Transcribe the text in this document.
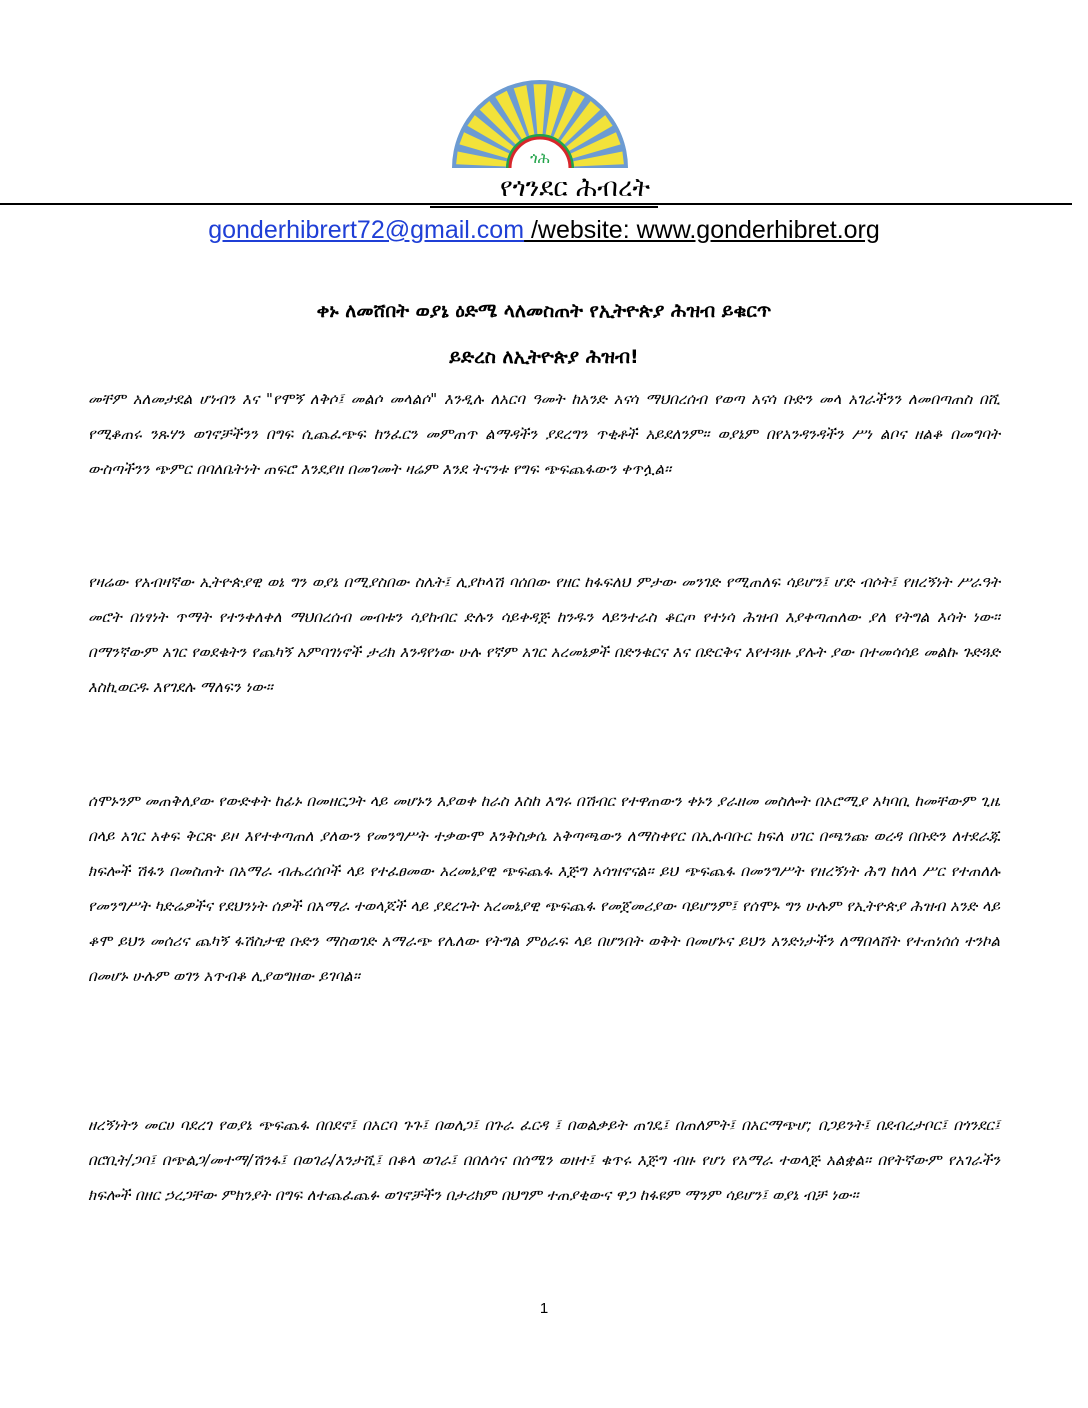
ጎሕ
የጎንደር ሕብረት
gonderhibrert72@gmail.com /website: www.gonderhibret.org
ቀኑ ለመሸበት ወያኔ ዕድሜ ላለመስጠት የኢትዮጵያ ሕዝብ ይቁርጥ
ይድረስ ለኢትዮጵያ ሕዝብ!
መቸም አለመታደል ሆነብን እና "የሞኝ ለቅሶ፤ መልሶ መላልሶ" እንዲሉ ለአርባ ዓመት ከአንድ አናሳ ማህበረሰብ የወጣ አናሳ ቡድን መላ አገራችንን ለመበጣጠስ በሺ የሚቆጠሩ ንጹሃን ወገኖቻችንን በግፍ ሲጨፈጭፍ ከንፈርን መምጠጥ ልማዳችን ያደረግን ጥቂቶች አይደለንም። ወያኔም በየአንዳንዳችን ሥነ ልቦና ዘልቆ በመግባት ውስጣችንን ጭምር በባለቤትነት ጠፍሮ እንደያዘ በመገመት ዛሬም እንደ ትናንቱ የግፍ ጭፍጨፋውን ቀጥሏል።
የዛሬው የአብዛኛው ኢትዮጵያዊ ወኔ ግን ወያኔ በሚያስበው ስሌት፤ ሊያኮላሽ ባሰበው የዘር ከፋፍለህ ምታው መንገድ የሚጠለፍ ሳይሆን፤ ሆድ ብሶት፤ የዘረኝነት ሥራዓት መሮት በነፃነት ጥማት የተንቀለቀለ ማህበረሰብ መብቱን ሳያከብር ድሉን ሳይቀዳጅ ከንዱን ላይንተራስ ቆርጦ የተነሳ ሕዝብ እያቀጣጠለው ያለ የትግል እሳት ነው። በማንኛውም አገር የወደቁትን የጨካኝ አምባገነኖች ታሪክ እንዳየነው ሁሉ የኛም አገር አረመኔዎች በድንቁርና እና በድርቅና እየተጓዙ ያሉት ያው በተመሳሳይ መልኩ ጉድጓድ እስኪወርዱ እየገደሉ ማለፍን ነው።
ሰሞኑንም መጠቅለያው የውድቀት ከፊኑ በመዘርጋት ላይ መሆኑን እያወቀ ከራስ እስከ እግሩ በሽብር የተዋጠውን ቀኑን ያራዘመ መስሎት በኦሮሚያ አካባቢ ከመቸውም ጊዜ በላይ አገር አቀፍ ቅርጽ ይዞ እየተቀጣጠለ ያለውን የመንግሥት ተቃውሞ እንቅስቃሴ አቅጣጫውን ለማስቀየር በኢሉባቡር ክፍለ ሀገር በጫንጩ ወረዳ በቡድን ለተደራጁ ክፍሎች ሽፋን በመስጠት በአማራ ብሔረሰቦች ላይ የተፈፀመው አረመኔያዊ ጭፍጨፋ እጅግ አሳዝኖናል። ይህ ጭፍጨፋ በመንግሥት የዘረኝነት ሕግ ከለላ ሥር የተጠለሉ የመንግሥት ካድሬዎችና የደህንነት ሰዎች በአማራ ተወላጆች ላይ ያደረጉት አረመኔያዊ ጭፍጨፋ የመጀመሪያው ባይሆንም፤ የሰሞኑ ግን ሁሉም የኢትዮጵያ ሕዝብ አንድ ላይ ቆሞ ይህን መሰሪና ጨካኝ ፋሽስታዊ ቡድን ማስወገድ አማራጭ የሌለው የትግል ምዕራፍ ላይ በሆንበት ወቅት በመሆኑና ይህን አንድነታችን ለማበላሸት የተጠነሰሰ ተንኮል በመሆኑ ሁሉም ወገን አጥብቆ ሊያወግዘው ይገባል።
ዘረኝነትን መርሀ ባደረገ የወያኔ ጭፍጨፋ በበደኖ፤ በአርባ ጉጉ፤ በወለጋ፤ በጉራ ፈርዳ ፤ በወልቃይት ጠገዴ፤ በጠለምት፤ በአርማጭሆ; በጋይንት፤ በደብረታቦር፤ በጎንደር፤ በሮቢት/ጋባ፤ በጭልጋ/መተማ/ሽንፋ፤ በወገራ/እንታሺ፤ በቆላ ወገራ፤ በበለሳና በሰሜን ወዘተ፤ ቁጥሩ እጅግ ብዙ የሆነ የአማራ ተወላጅ አልቋል። በየትኛውም የአገራችን ክፍሎች በዘር ኃረጋቸው ምክንያት በግፍ ለተጨፈጨፉ ወገኖቻችን በታሪክም በህግም ተጠያቂውና ዋጋ ከፋዩም ማንም ሳይሆን፤ ወያኔ ብቻ ነው።
1
